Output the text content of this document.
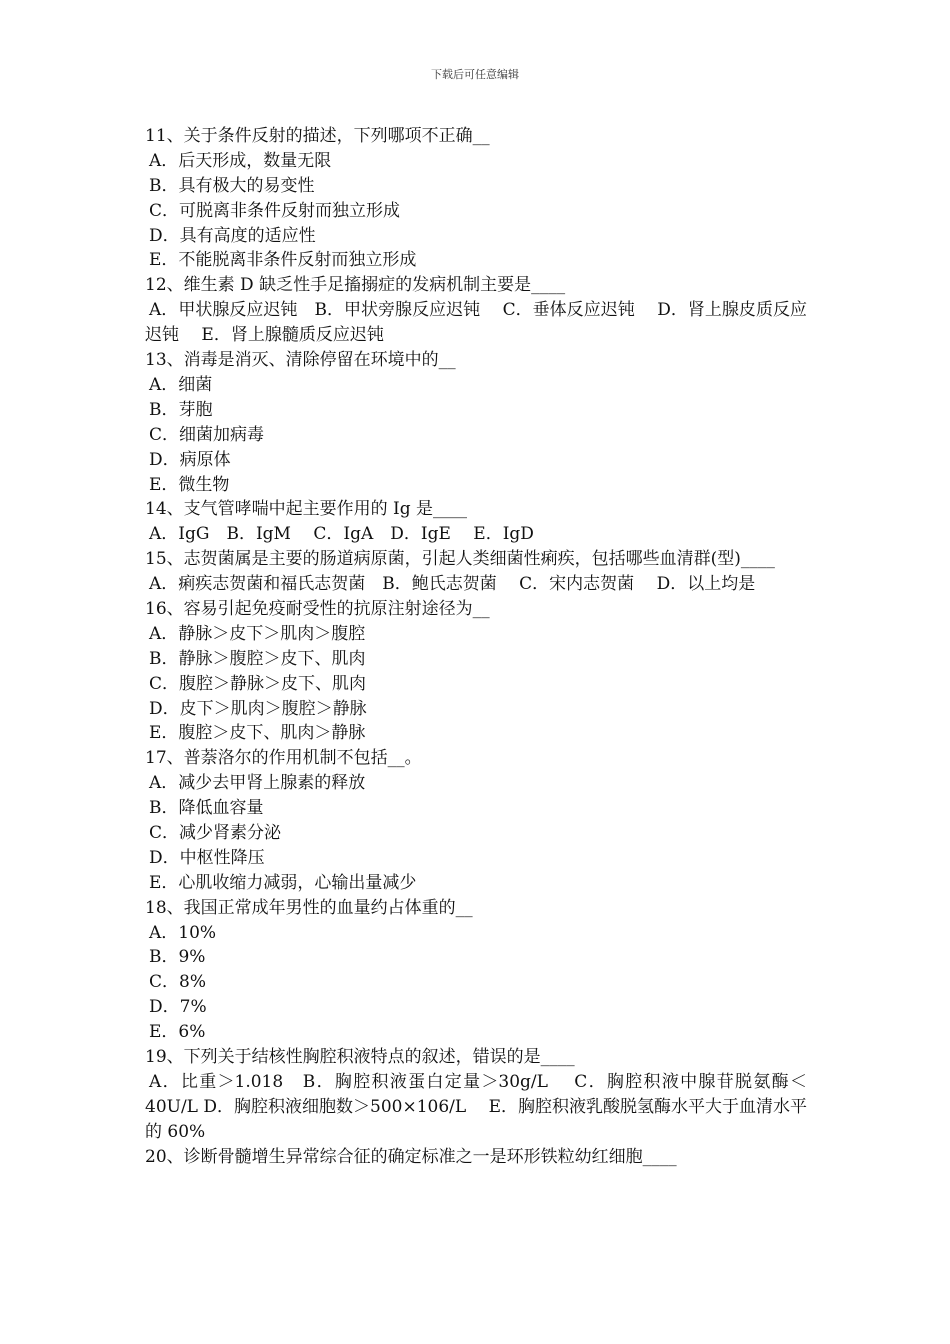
下载后可任意编辑
11、关于条件反射的描述，下列哪项不正确__
A．后天形成，数量无限
B．具有极大的易变性
C．可脱离非条件反射而独立形成
D．具有高度的适应性
E．不能脱离非条件反射而独立形成
12、维生素 D 缺乏性手足搐搦症的发病机制主要是____
A．甲状腺反应迟钝　B．甲状旁腺反应迟钝　 C．垂体反应迟钝　 D．肾上腺皮质反应迟钝　 E．肾上腺髓质反应迟钝
13、消毒是消灭、清除停留在环境中的__
A．细菌
B．芽胞
C．细菌加病毒
D．病原体
E．微生物
14、支气管哮喘中起主要作用的 Ig 是____
A．IgG　B．IgM　 C．IgA　D．IgE　 E．IgD
15、志贺菌属是主要的肠道病原菌，引起人类细菌性痢疾，包括哪些血清群(型)____
A．痢疾志贺菌和福氏志贺菌　B．鲍氏志贺菌　 C．宋内志贺菌　 D．以上均是
16、容易引起免疫耐受性的抗原注射途径为__
A．静脉＞皮下＞肌肉＞腹腔
B．静脉＞腹腔＞皮下、肌肉
C．腹腔＞静脉＞皮下、肌肉
D．皮下＞肌肉＞腹腔＞静脉
E．腹腔＞皮下、肌肉＞静脉
17、普萘洛尔的作用机制不包括__。
A．减少去甲肾上腺素的释放
B．降低血容量
C．减少肾素分泌
D．中枢性降压
E．心肌收缩力减弱，心输出量减少
18、我国正常成年男性的血量约占体重的__
A．10%
B．9%
C．8%
D．7%
E．6%
19、下列关于结核性胸腔积液特点的叙述，错误的是____
A．比重＞1.018　B．胸腔积液蛋白定量＞30g/L　 C．胸腔积液中腺苷脱氨酶＜40U/L D．胸腔积液细胞数＞500×106/L　 E．胸腔积液乳酸脱氢酶水平大于血清水平的 60%
20、诊断骨髓增生异常综合征的确定标准之一是环形铁粒幼红细胞____
